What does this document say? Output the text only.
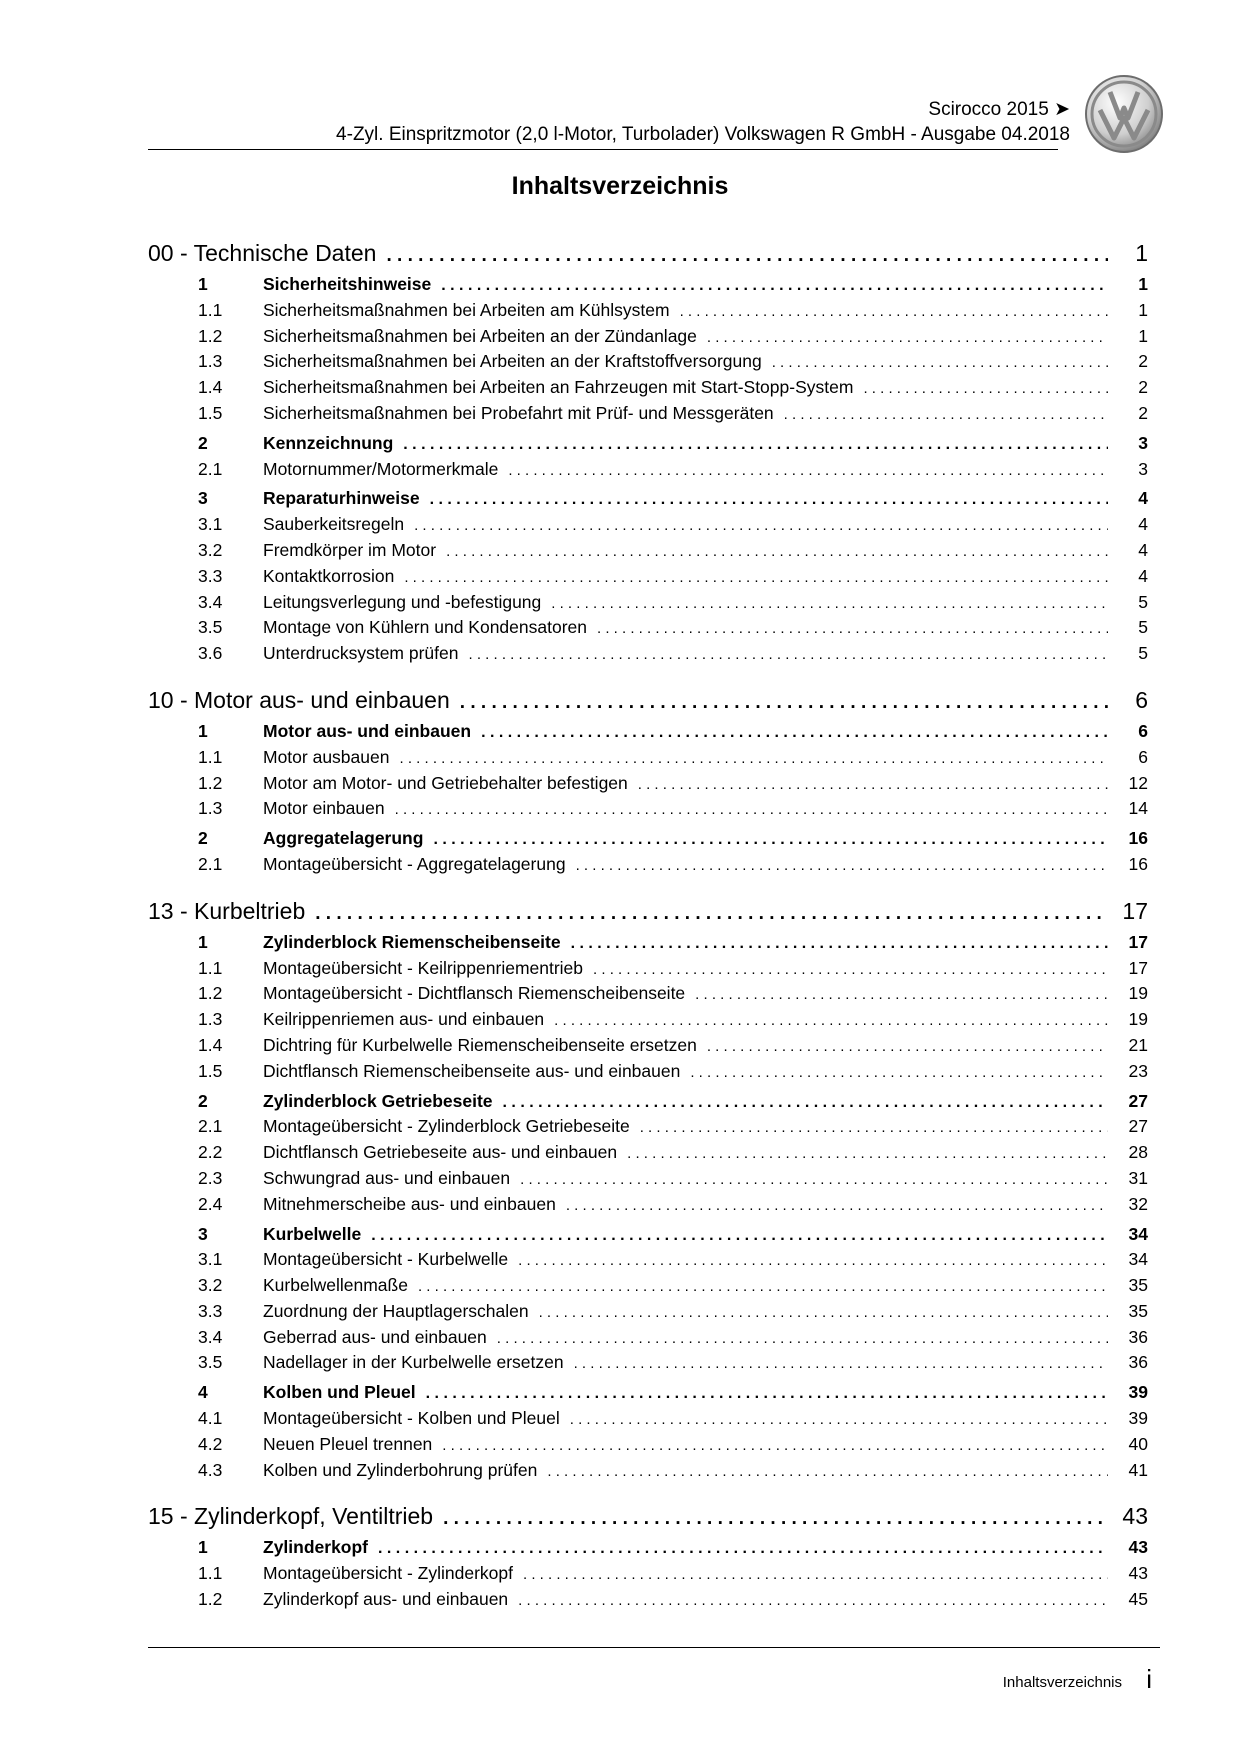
Scirocco 2015 ➤
4-Zyl. Einspritzmotor (2,0 l-Motor, Turbolader) Volkswagen R GmbH - Ausgabe 04.2018
Inhaltsverzeichnis
00 - Technische Daten . . .	1
1	Sicherheitshinweise . . .	1
1.1 Sicherheitsmaßnahmen bei Arbeiten am Kühlsystem . . .	1
1.2 Sicherheitsmaßnahmen bei Arbeiten an der Zündanlage . . .	1
1.3 Sicherheitsmaßnahmen bei Arbeiten an der Kraftstoffversorgung . . .	2
1.4 Sicherheitsmaßnahmen bei Arbeiten an Fahrzeugen mit Start-Stopp-System . . .	2
1.5 Sicherheitsmaßnahmen bei Probefahrt mit Prüf- und Messgeräten . . .	2
2	Kennzeichnung . . .	3
2.1 Motornummer/Motormerkmale . . .	3
3	Reparaturhinweise . . .	4
3.1 Sauberkeitsregeln . . .	4
3.2 Fremdkörper im Motor . . .	4
3.3 Kontaktkorrosion . . .	4
3.4 Leitungsverlegung und -befestigung . . .	5
3.5 Montage von Kühlern und Kondensatoren . . .	5
3.6 Unterdrucksystem prüfen . . .	5
10 - Motor aus- und einbauen . . .	6
1	Motor aus- und einbauen . . .	6
1.1 Motor ausbauen . . .	6
1.2 Motor am Motor- und Getriebehalter befestigen . . .	12
1.3 Motor einbauen . . .	14
2	Aggregatelagerung . . .	16
2.1 Montageübersicht - Aggregatelagerung . . .	16
13 - Kurbeltrieb . . .	17
1	Zylinderblock Riemenscheibenseite . . .	17
1.1 Montageübersicht - Keilrippenriementrieb . . .	17
1.2 Montageübersicht - Dichtflansch Riemenscheibenseite . . .	19
1.3 Keilrippenriemen aus- und einbauen . . .	19
1.4 Dichtring für Kurbelwelle Riemenscheibenseite ersetzen . . .	21
1.5 Dichtflansch Riemenscheibenseite aus- und einbauen . . .	23
2	Zylinderblock Getriebeseite . . .	27
2.1 Montageübersicht - Zylinderblock Getriebeseite . . .	27
2.2 Dichtflansch Getriebeseite aus- und einbauen . . .	28
2.3 Schwungrad aus- und einbauen . . .	31
2.4 Mitnehmerscheibe aus- und einbauen . . .	32
3	Kurbelwelle . . .	34
3.1 Montageübersicht - Kurbelwelle . . .	34
3.2 Kurbelwellenmaße . . .	35
3.3 Zuordnung der Hauptlagerschalen . . .	35
3.4 Geberrad aus- und einbauen . . .	36
3.5 Nadellager in der Kurbelwelle ersetzen . . .	36
4	Kolben und Pleuel . . .	39
4.1 Montageübersicht - Kolben und Pleuel . . .	39
4.2 Neuen Pleuel trennen . . .	40
4.3 Kolben und Zylinderbohrung prüfen . . .	41
15 - Zylinderkopf, Ventiltrieb . . .	43
1	Zylinderkopf . . .	43
1.1 Montageübersicht - Zylinderkopf . . .	43
1.2 Zylinderkopf aus- und einbauen . . .	45
Inhaltsverzeichnis i
